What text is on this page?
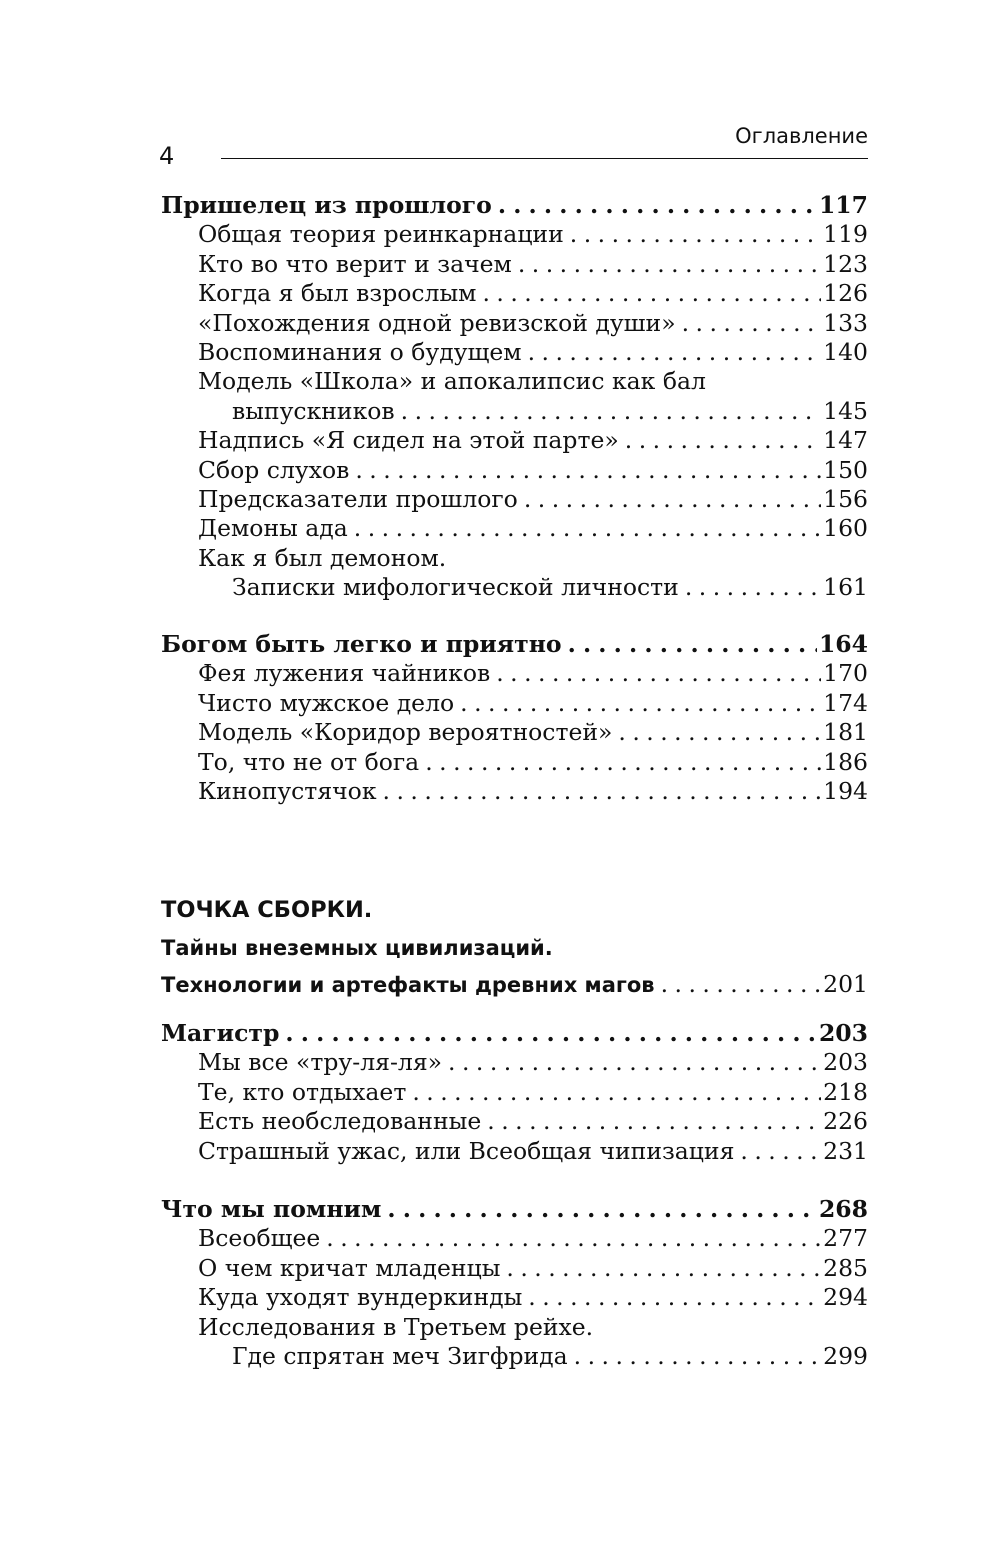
4
Оглавление
Пришелец из прошлого . . .	117
Общая теория реинкарнации . . .	119
Кто во что верит и зачем . . .	123
Когда я был взрослым . . .	126
«Похождения одной ревизской души» . . .	133
Воспоминания о будущем . . .	140
Модель «Школа» и апокалипсис как бал
выпускников . . .	145
Надпись «Я сидел на этой парте» . . .	147
Сбор слухов . . .	150
Предсказатели прошлого . . .	156
Демоны ада . . .	160
Как я был демоном.
Записки мифологической личности . . .	161
Богом быть легко и приятно . . .	164
Фея лужения чайников . . .	170
Чисто мужское дело . . .	174
Модель «Коридор вероятностей» . . .	181
То, что не от бога . . .	186
Кинопустячок . . .	194
ТОЧКА СБОРКИ.
Тайны внеземных цивилизаций.
Технологии и артефакты древних магов . . .	201
Магистр . . .	203
Мы все «тру-ля-ля» . . .	203
Те, кто отдыхает . . .	218
Есть необследованные . . .	226
Страшный ужас, или Всеобщая чипизация . . .	231
Что мы помним . . .	268
Всеобщее . . .	277
О чем кричат младенцы . . .	285
Куда уходят вундеркинды . . .	294
Исследования в Третьем рейхе.
Где спрятан меч Зигфрида . . .	299
